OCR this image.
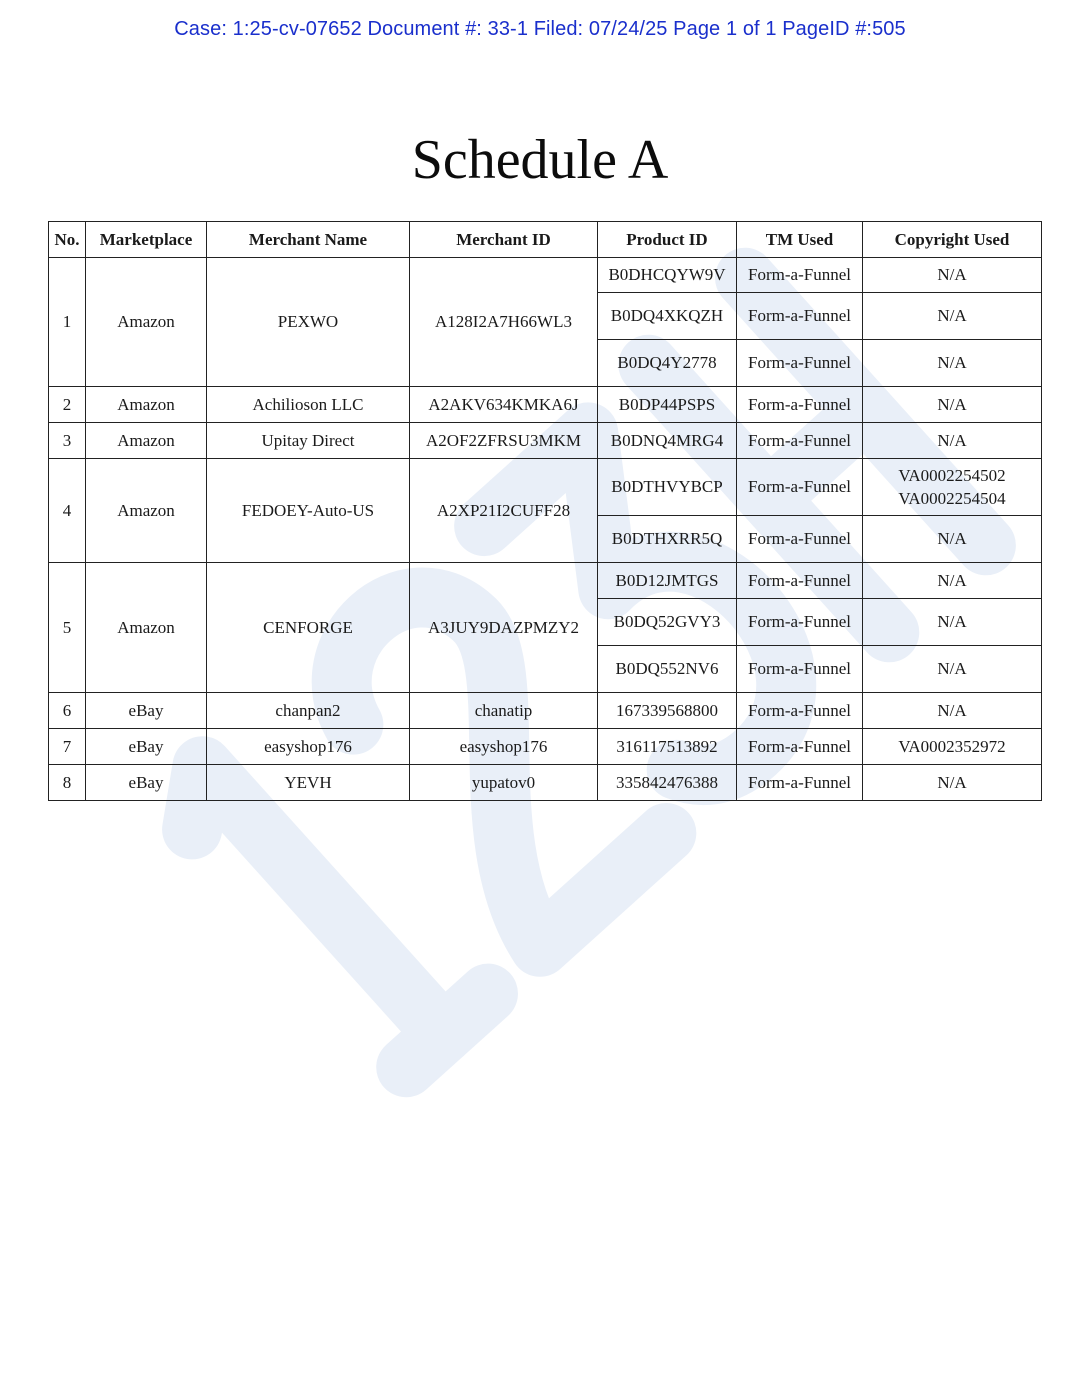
Case: 1:25-cv-07652 Document #: 33-1 Filed: 07/24/25 Page 1 of 1 PageID #:505
Schedule A
No.	Marketplace	Merchant Name	Merchant ID	Product ID	TM Used	Copyright Used
1	Amazon	PEXWO	A128I2A7H66WL3	B0DHCQYW9V	Form-a-Funnel	N/A
				B0DQ4XKQZH	Form-a-Funnel	N/A
				B0DQ4Y2778	Form-a-Funnel	N/A
2	Amazon	Achilioson LLC	A2AKV634KMKA6J	B0DP44PSPS	Form-a-Funnel	N/A
3	Amazon	Upitay Direct	A2OF2ZFRSU3MKM	B0DNQ4MRG4	Form-a-Funnel	N/A
4	Amazon	FEDOEY-Auto-US	A2XP21I2CUFF28	B0DTHVYBCP	Form-a-Funnel	VA0002254502
VA0002254504

				B0DTHXRR5Q	Form-a-Funnel	N/A
5	Amazon	CENFORGE	A3JUY9DAZPMZY2	B0D12JMTGS	Form-a-Funnel	N/A
				B0DQ52GVY3	Form-a-Funnel	N/A
				B0DQ552NV6	Form-a-Funnel	N/A
6	eBay	chanpan2	chanatip	167339568800	Form-a-Funnel	N/A
7	eBay	easyshop176	easyshop176	316117513892	Form-a-Funnel	VA0002352972
8	eBay	YEVH	yupatov0	335842476388	Form-a-Funnel	N/A
